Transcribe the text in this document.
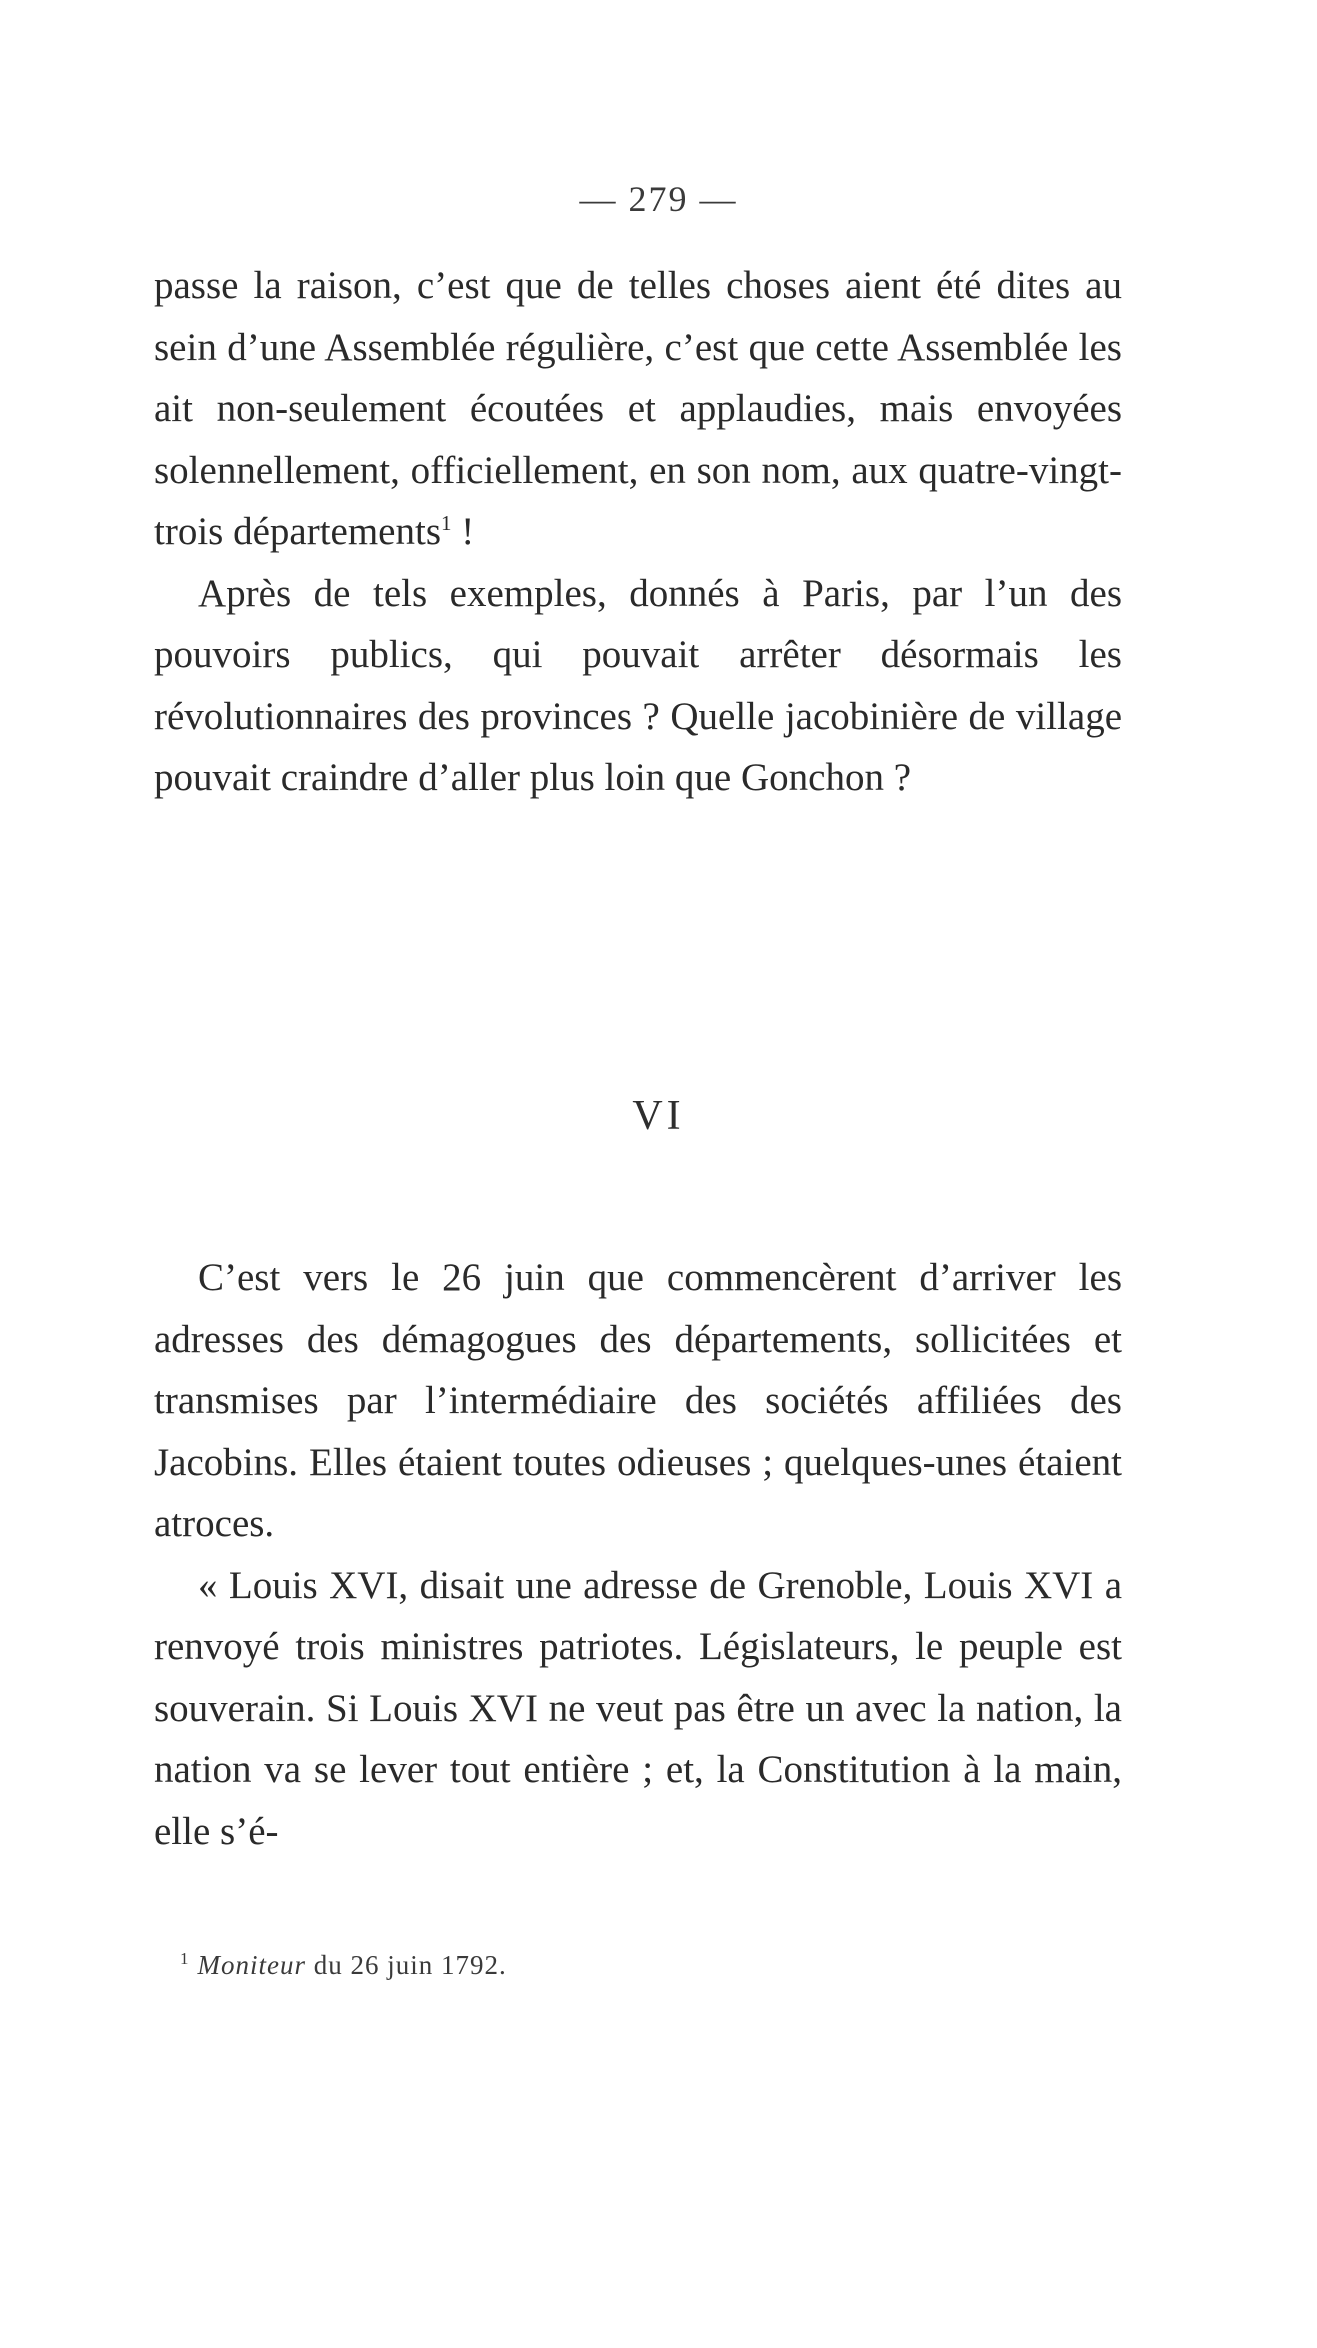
— 279 —

passe la raison, c’est que de telles choses aient été dites au sein d’une Assemblée régulière, c’est que cette Assemblée les ait non-seulement écoutées et applaudies, mais envoyées solennellement, officiellement, en son nom, aux quatre-vingt-trois départements$^1$ !

Après de tels exemples, donnés à Paris, par l’un des pouvoirs publics, qui pouvait arrêter désormais les révolutionnaires des provinces ? Quelle jacobinière de village pouvait craindre d’aller plus loin que Gonchon ?

VI

C’est vers le 26 juin que commencèrent d’arriver les adresses des démagogues des départements, sollicitées et transmises par l’intermédiaire des sociétés affiliées des Jacobins. Elles étaient toutes odieuses ; quelques-unes étaient atroces.

« Louis XVI, disait une adresse de Grenoble, Louis XVI a renvoyé trois ministres patriotes. Législateurs, le peuple est souverain. Si Louis XVI ne veut pas être un avec la nation, la nation va se lever tout entière ; et, la Constitution à la main, elle s’é-

$^1$ Moniteur du 26 juin 1792.
